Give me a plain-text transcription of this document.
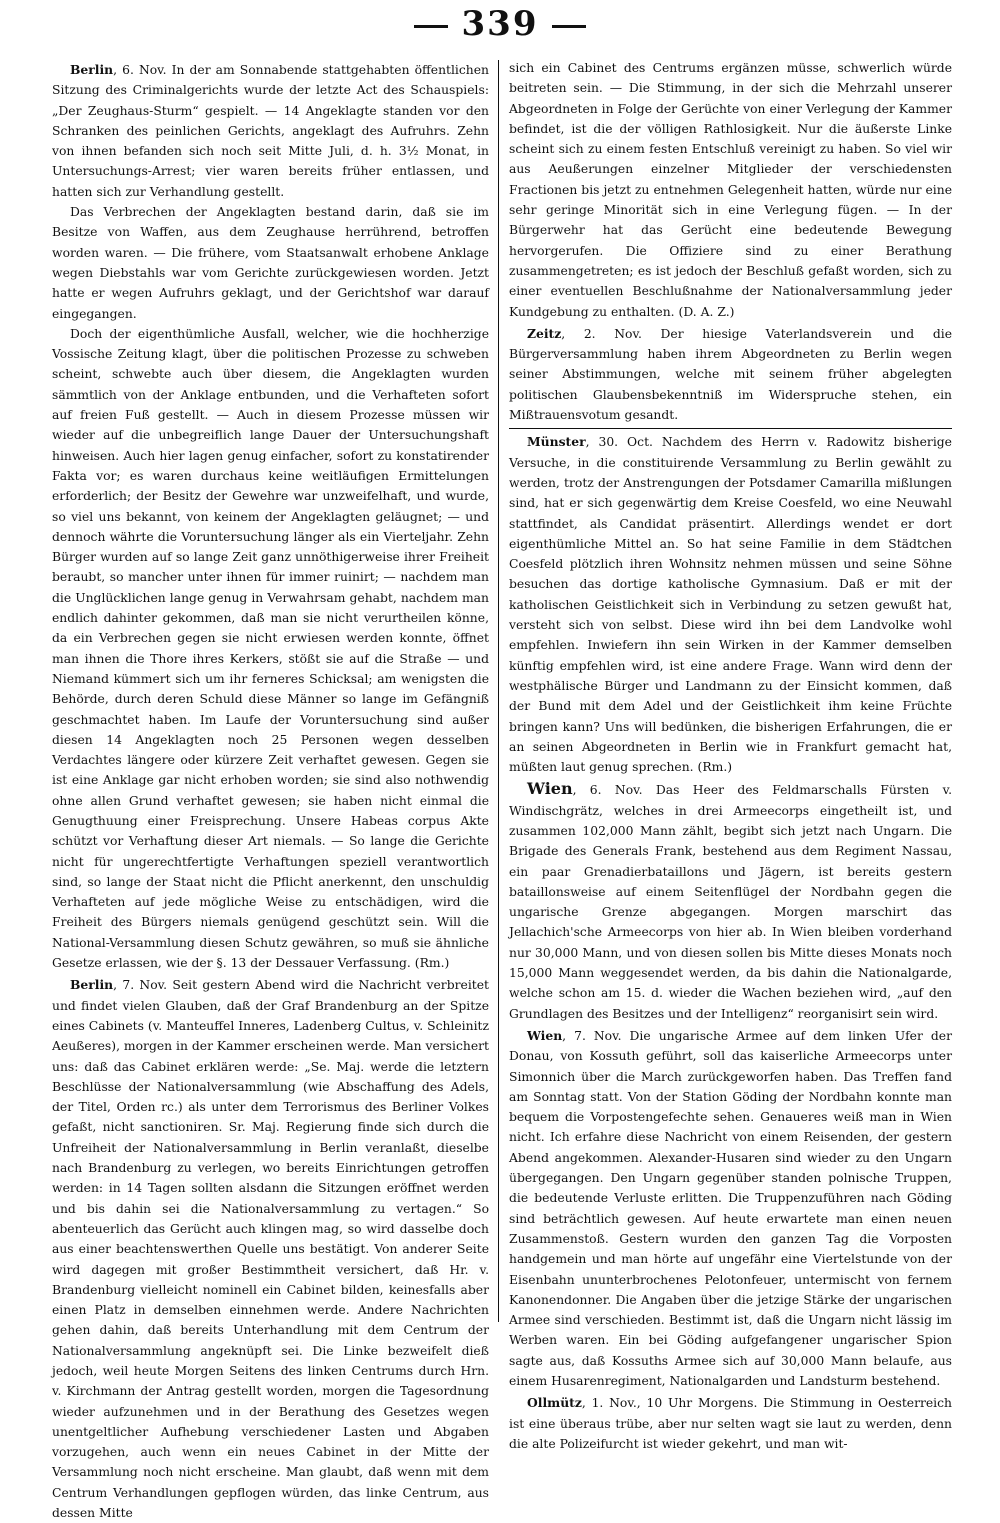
339

Berlin, 6. Nov. In der am Sonnabende stattgehabten öffentlichen Sitzung des Criminalgerichts wurde der letzte Act des Schauspiels: „Der Zeughaus-Sturm“ gespielt. — 14 Angeklagte standen vor den Schranken des peinlichen Gerichts, angeklagt des Aufruhrs. Zehn von ihnen befanden sich noch seit Mitte Juli, d. h. 3½ Monat, in Untersuchungs-Arrest; vier waren bereits früher entlassen, und hatten sich zur Verhandlung gestellt.

Das Verbrechen der Angeklagten bestand darin, daß sie im Besitze von Waffen, aus dem Zeughause herrührend, betroffen worden waren. — Die frühere, vom Staatsanwalt erhobene Anklage wegen Diebstahls war vom Gerichte zurückgewiesen worden. Jetzt hatte er wegen Aufruhrs geklagt, und der Gerichtshof war darauf eingegangen.

Doch der eigenthümliche Ausfall, welcher, wie die hochherzige Vossische Zeitung klagt, über die politischen Prozesse zu schweben scheint, schwebte auch über diesem, die Angeklagten wurden sämmtlich von der Anklage entbunden, und die Verhafteten sofort auf freien Fuß gestellt. — Auch in diesem Prozesse müssen wir wieder auf die unbegreiflich lange Dauer der Untersuchungshaft hinweisen. Auch hier lagen genug einfacher, sofort zu konstatirender Fakta vor; es waren durchaus keine weitläufigen Ermittelungen erforderlich; der Besitz der Gewehre war unzweifelhaft, und wurde, so viel uns bekannt, von keinem der Angeklagten geläugnet; — und dennoch währte die Voruntersuchung länger als ein Vierteljahr. Zehn Bürger wurden auf so lange Zeit ganz unnöthigerweise ihrer Freiheit beraubt, so mancher unter ihnen für immer ruinirt; — nachdem man die Unglücklichen lange genug in Verwahrsam gehabt, nachdem man endlich dahinter gekommen, daß man sie nicht verurtheilen könne, da ein Verbrechen gegen sie nicht erwiesen werden konnte, öffnet man ihnen die Thore ihres Kerkers, stößt sie auf die Straße — und Niemand kümmert sich um ihr ferneres Schicksal; am wenigsten die Behörde, durch deren Schuld diese Männer so lange im Gefängniß geschmachtet haben. Im Laufe der Voruntersuchung sind außer diesen 14 Angeklagten noch 25 Personen wegen desselben Verdachtes längere oder kürzere Zeit verhaftet gewesen. Gegen sie ist eine Anklage gar nicht erhoben worden; sie sind also nothwendig ohne allen Grund verhaftet gewesen; sie haben nicht einmal die Genugthuung einer Freisprechung. Unsere Habeas corpus Akte schützt vor Verhaftung dieser Art niemals. — So lange die Gerichte nicht für ungerechtfertigte Verhaftungen speziell verantwortlich sind, so lange der Staat nicht die Pflicht anerkennt, den unschuldig Verhafteten auf jede mögliche Weise zu entschädigen, wird die Freiheit des Bürgers niemals genügend geschützt sein. Will die National-Versammlung diesen Schutz gewähren, so muß sie ähnliche Gesetze erlassen, wie der §. 13 der Dessauer Verfassung. (Rm.)

Berlin, 7. Nov. Seit gestern Abend wird die Nachricht verbreitet und findet vielen Glauben, daß der Graf Brandenburg an der Spitze eines Cabinets (v. Manteuffel Inneres, Ladenberg Cultus, v. Schleinitz Aeußeres), morgen in der Kammer erscheinen werde. Man versichert uns: daß das Cabinet erklären werde: „Se. Maj. werde die letztern Beschlüsse der Nationalversammlung (wie Abschaffung des Adels, der Titel, Orden rc.) als unter dem Terrorismus des Berliner Volkes gefaßt, nicht sanctioniren. Sr. Maj. Regierung finde sich durch die Unfreiheit der Nationalversammlung in Berlin veranlaßt, dieselbe nach Brandenburg zu verlegen, wo bereits Einrichtungen getroffen werden: in 14 Tagen sollten alsdann die Sitzungen eröffnet werden und bis dahin sei die Nationalversammlung zu vertagen.“ So abenteuerlich das Gerücht auch klingen mag, so wird dasselbe doch aus einer beachtenswerthen Quelle uns bestätigt. Von anderer Seite wird dagegen mit großer Bestimmtheit versichert, daß Hr. v. Brandenburg vielleicht nominell ein Cabinet bilden, keinesfalls aber einen Platz in demselben einnehmen werde. Andere Nachrichten gehen dahin, daß bereits Unterhandlung mit dem Centrum der Nationalversammlung angeknüpft sei. Die Linke bezweifelt dieß jedoch, weil heute Morgen Seitens des linken Centrums durch Hrn. v. Kirchmann der Antrag gestellt worden, morgen die Tagesordnung wieder aufzunehmen und in der Berathung des Gesetzes wegen unentgeltlicher Aufhebung verschiedener Lasten und Abgaben vorzugehen, auch wenn ein neues Cabinet in der Mitte der Versammlung noch nicht erscheine. Man glaubt, daß wenn mit dem Centrum Verhandlungen gepflogen würden, das linke Centrum, aus dessen Mitte

sich ein Cabinet des Centrums ergänzen müsse, schwerlich würde beitreten sein. — Die Stimmung, in der sich die Mehrzahl unserer Abgeordneten in Folge der Gerüchte von einer Verlegung der Kammer befindet, ist die der völligen Rathlosigkeit. Nur die äußerste Linke scheint sich zu einem festen Entschluß vereinigt zu haben. So viel wir aus Aeußerungen einzelner Mitglieder der verschiedensten Fractionen bis jetzt zu entnehmen Gelegenheit hatten, würde nur eine sehr geringe Minorität sich in eine Verlegung fügen. — In der Bürgerwehr hat das Gerücht eine bedeutende Bewegung hervorgerufen. Die Offiziere sind zu einer Berathung zusammengetreten; es ist jedoch der Beschluß gefaßt worden, sich zu einer eventuellen Beschlußnahme der Nationalversammlung jeder Kundgebung zu enthalten. (D. A. Z.)

Zeitz, 2. Nov. Der hiesige Vaterlandsverein und die Bürgerversammlung haben ihrem Abgeordneten zu Berlin wegen seiner Abstimmungen, welche mit seinem früher abgelegten politischen Glaubensbekenntniß im Widerspruche stehen, ein Mißtrauensvotum gesandt.

Münster, 30. Oct. Nachdem des Herrn v. Radowitz bisherige Versuche, in die constituirende Versammlung zu Berlin gewählt zu werden, trotz der Anstrengungen der Potsdamer Camarilla mißlungen sind, hat er sich gegenwärtig dem Kreise Coesfeld, wo eine Neuwahl stattfindet, als Candidat präsentirt. Allerdings wendet er dort eigenthümliche Mittel an. So hat seine Familie in dem Städtchen Coesfeld plötzlich ihren Wohnsitz nehmen müssen und seine Söhne besuchen das dortige katholische Gymnasium. Daß er mit der katholischen Geistlichkeit sich in Verbindung zu setzen gewußt hat, versteht sich von selbst. Diese wird ihn bei dem Landvolke wohl empfehlen. Inwiefern ihn sein Wirken in der Kammer demselben künftig empfehlen wird, ist eine andere Frage. Wann wird denn der westphälische Bürger und Landmann zu der Einsicht kommen, daß der Bund mit dem Adel und der Geistlichkeit ihm keine Früchte bringen kann? Uns will bedünken, die bisherigen Erfahrungen, die er an seinen Abgeordneten in Berlin wie in Frankfurt gemacht hat, müßten laut genug sprechen. (Rm.)

Wien, 6. Nov. Das Heer des Feldmarschalls Fürsten v. Windischgrätz, welches in drei Armeecorps eingetheilt ist, und zusammen 102,000 Mann zählt, begibt sich jetzt nach Ungarn. Die Brigade des Generals Frank, bestehend aus dem Regiment Nassau, ein paar Grenadierbataillons und Jägern, ist bereits gestern bataillonsweise auf einem Seitenflügel der Nordbahn gegen die ungarische Grenze abgegangen. Morgen marschirt das Jellachich'sche Armeecorps von hier ab. In Wien bleiben vorderhand nur 30,000 Mann, und von diesen sollen bis Mitte dieses Monats noch 15,000 Mann weggesendet werden, da bis dahin die Nationalgarde, welche schon am 15. d. wieder die Wachen beziehen wird, „auf den Grundlagen des Besitzes und der Intelligenz“ reorganisirt sein wird.

Wien, 7. Nov. Die ungarische Armee auf dem linken Ufer der Donau, von Kossuth geführt, soll das kaiserliche Armeecorps unter Simonnich über die March zurückgeworfen haben. Das Treffen fand am Sonntag statt. Von der Station Göding der Nordbahn konnte man bequem die Vorpostengefechte sehen. Genaueres weiß man in Wien nicht. Ich erfahre diese Nachricht von einem Reisenden, der gestern Abend angekommen. Alexander-Husaren sind wieder zu den Ungarn übergegangen. Den Ungarn gegenüber standen polnische Truppen, die bedeutende Verluste erlitten. Die Truppenzuführen nach Göding sind beträchtlich gewesen. Auf heute erwartete man einen neuen Zusammenstoß. Gestern wurden den ganzen Tag die Vorposten handgemein und man hörte auf ungefähr eine Viertelstunde von der Eisenbahn ununterbrochenes Pelotonfeuer, untermischt von fernem Kanonendonner. Die Angaben über die jetzige Stärke der ungarischen Armee sind verschieden. Bestimmt ist, daß die Ungarn nicht lässig im Werben waren. Ein bei Göding aufgefangener ungarischer Spion sagte aus, daß Kossuths Armee sich auf 30,000 Mann belaufe, aus einem Husarenregiment, Nationalgarden und Landsturm bestehend.

Ollmütz, 1. Nov., 10 Uhr Morgens. Die Stimmung in Oesterreich ist eine überaus trübe, aber nur selten wagt sie laut zu werden, denn die alte Polizeifurcht ist wieder gekehrt, und man wit-
